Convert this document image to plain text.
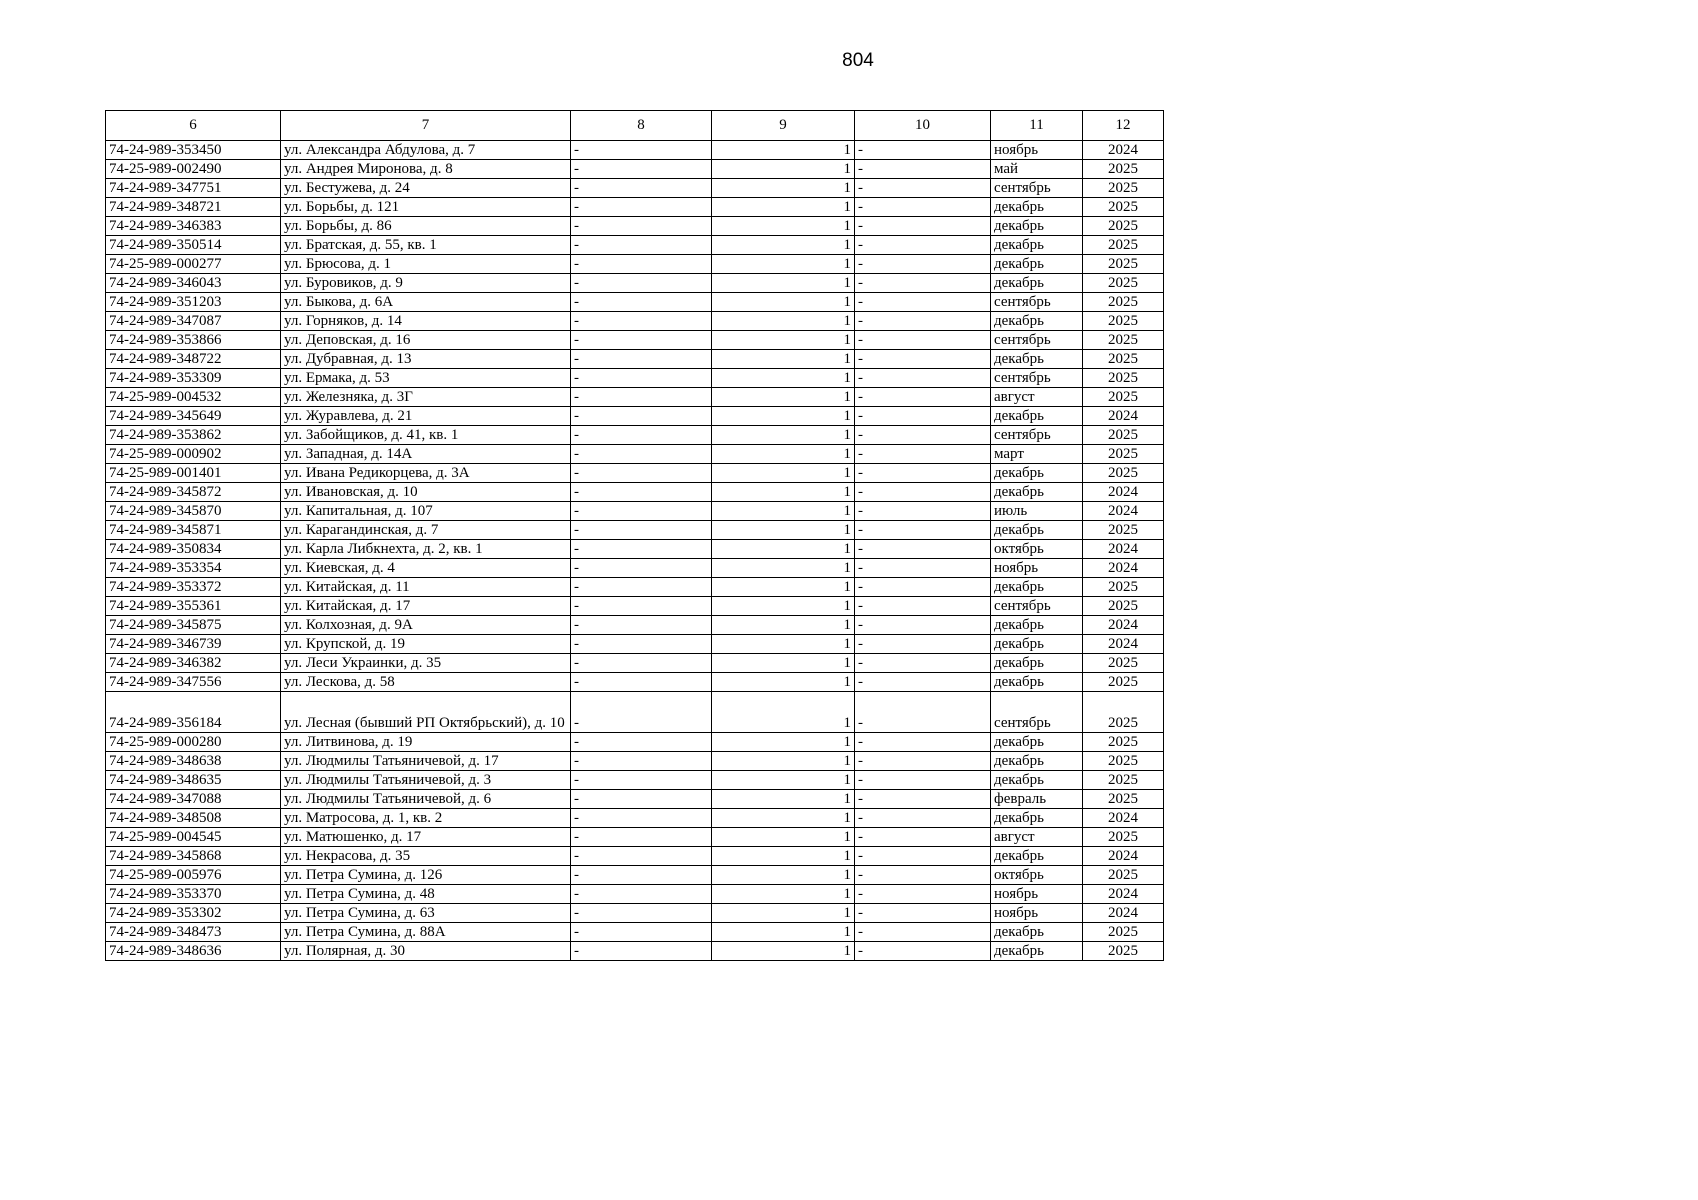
804
6	7	8	9	10	11	12
74-24-989-353450	ул. Александра Абдулова, д. 7	-	1	-	ноябрь	2024
74-25-989-002490	ул. Андрея Миронова, д. 8	-	1	-	май	2025
74-24-989-347751	ул. Бестужева, д. 24	-	1	-	сентябрь	2025
74-24-989-348721	ул. Борьбы, д. 121	-	1	-	декабрь	2025
74-24-989-346383	ул. Борьбы, д. 86	-	1	-	декабрь	2025
74-24-989-350514	ул. Братская, д. 55, кв. 1	-	1	-	декабрь	2025
74-25-989-000277	ул. Брюсова, д. 1	-	1	-	декабрь	2025
74-24-989-346043	ул. Буровиков, д. 9	-	1	-	декабрь	2025
74-24-989-351203	ул. Быкова, д. 6А	-	1	-	сентябрь	2025
74-24-989-347087	ул. Горняков, д. 14	-	1	-	декабрь	2025
74-24-989-353866	ул. Деповская, д. 16	-	1	-	сентябрь	2025
74-24-989-348722	ул. Дубравная, д. 13	-	1	-	декабрь	2025
74-24-989-353309	ул. Ермака, д. 53	-	1	-	сентябрь	2025
74-25-989-004532	ул. Железняка, д. 3Г	-	1	-	август	2025
74-24-989-345649	ул. Журавлева, д. 21	-	1	-	декабрь	2024
74-24-989-353862	ул. Забойщиков, д. 41, кв. 1	-	1	-	сентябрь	2025
74-25-989-000902	ул. Западная, д. 14А	-	1	-	март	2025
74-25-989-001401	ул. Ивана Редикорцева, д. 3А	-	1	-	декабрь	2025
74-24-989-345872	ул. Ивановская, д. 10	-	1	-	декабрь	2024
74-24-989-345870	ул. Капитальная, д. 107	-	1	-	июль	2024
74-24-989-345871	ул. Карагандинская, д. 7	-	1	-	декабрь	2025
74-24-989-350834	ул. Карла Либкнехта, д. 2, кв. 1	-	1	-	октябрь	2024
74-24-989-353354	ул. Киевская, д. 4	-	1	-	ноябрь	2024
74-24-989-353372	ул. Китайская, д. 11	-	1	-	декабрь	2025
74-24-989-355361	ул. Китайская, д. 17	-	1	-	сентябрь	2025
74-24-989-345875	ул. Колхозная, д. 9А	-	1	-	декабрь	2024
74-24-989-346739	ул. Крупской, д. 19	-	1	-	декабрь	2024
74-24-989-346382	ул. Леси Украинки, д. 35	-	1	-	декабрь	2025
74-24-989-347556	ул. Лескова, д. 58	-	1	-	декабрь	2025
74-24-989-356184	ул. Лесная (бывший РП Октябрьский), д. 10	-	1	-	сентябрь	2025
74-25-989-000280	ул. Литвинова, д. 19	-	1	-	декабрь	2025
74-24-989-348638	ул. Людмилы Татьяничевой, д. 17	-	1	-	декабрь	2025
74-24-989-348635	ул. Людмилы Татьяничевой, д. 3	-	1	-	декабрь	2025
74-24-989-347088	ул. Людмилы Татьяничевой, д. 6	-	1	-	февраль	2025
74-24-989-348508	ул. Матросова, д. 1, кв. 2	-	1	-	декабрь	2024
74-25-989-004545	ул. Матюшенко, д. 17	-	1	-	август	2025
74-24-989-345868	ул. Некрасова, д. 35	-	1	-	декабрь	2024
74-25-989-005976	ул. Петра Сумина, д. 126	-	1	-	октябрь	2025
74-24-989-353370	ул. Петра Сумина, д. 48	-	1	-	ноябрь	2024
74-24-989-353302	ул. Петра Сумина, д. 63	-	1	-	ноябрь	2024
74-24-989-348473	ул. Петра Сумина, д. 88А	-	1	-	декабрь	2025
74-24-989-348636	ул. Полярная, д. 30	-	1	-	декабрь	2025
